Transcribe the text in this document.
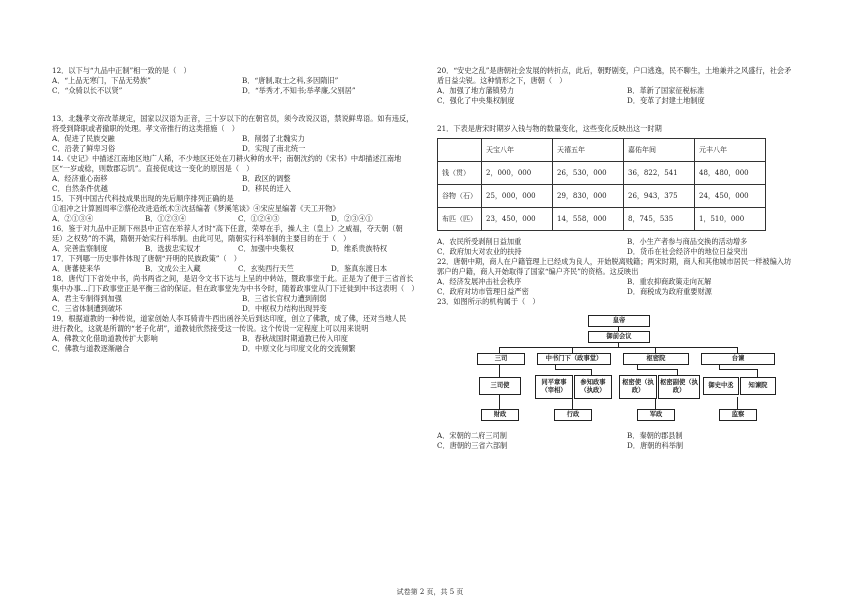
12．以下与“九品中正制”相一致的是（　）

A．“上品无寒门，下品无势族”	B．“唐制,取士之科,多因隋旧”

C．“众骑以长不以贤”	D．“举秀才,不知书;举孝廉,父别居”

13．北魏孝文帝改革规定，国家以汉语为正音，三十岁以下的在朝官员，须今改说汉语，禁说鲜卑语。如有违反，

将受到降职或者撤职的处理。孝文帝推行的这类措施（　）

A．促进了民族交融	B．削弱了北魏实力

C．沿袭了鲜卑习俗	D．实现了南北统一

14.《史记》中描述江南地区地广人稀，不少地区还处在刀耕火种的水平；南朝沈约的《宋书》中却描述江南地

区“一岁或稔，则数郡忘饥”。直接促成这一变化的原因是（　）

A．经济重心南移	B．政区的调整

C．自然条件优越	D．移民的迁入

15．下列中国古代科技成果出现的先后顺序排列正确的是

①祖冲之计算圆周率②蔡伦改进造纸术③沈括编著《梦溪笔谈》④宋应星编著《天工开物》

A．②①③④	B．①②③④	C．①②④③	D．②③④①

16．鉴于对九品中正制下州县中正官在举荐人才时“高下任意，荣辱在手，操人主（皇上）之威福，夺天朝（朝

廷）之权势”的不满，隋朝开始实行科举制。由此可见，隋朝实行科举制的主要目的在于（　）

A．完善监察制度	B．选拔忠实奴才	C．加强中央集权	D．维系贵族特权

17．下列哪一历史事件体现了唐朝“开明的民族政策”（　）

A．唐蕃使来华	B．文成公主入藏	C．玄奘西行天竺	D．鉴真东渡日本

18．唐代门下省处中书，尚书两省之间，是诏令文书下达与上呈的中转站，暨政事堂于此。正是为了便于三省首长

集中办事…门下政事堂正是平衡三省的保证。但在政事堂先为中书令时，随着政事堂从门下迁徙到中书这表明（　）

A．君主专制得到加强	B．三省长官权力遭到削弱

C．三省体制遭到破坏	D．中枢权力结构出现异变

19．根据道教的一种传说，道家创始人李耳骑青牛西出函谷关后到达印度，创立了佛教，成了佛，还对当地人民

进行教化，这就是所谓的“老子化胡”，道教徒欣然接受这一传说。这个传说一定程度上可以用来说明

A．佛教文化借助道教传扩大影响	B．春秋战国时期道教已传入印度

C．佛教与道教逐渐融合	D．中原文化与印度文化的交流频繁

20．“安史之乱”是唐朝社会发展的转折点，此后，朝野剧变，户口逃逸，民不聊生，土地兼并之风盛行，社会矛

盾日益尖锐。这种情形之下，唐朝（　）

A．加强了地方藩镇势力	B．革新了国家征税标准

C．强化了中央集权制度	D．变革了封建土地制度

21．下表是唐宋时期岁入钱与物的数量变化，这些变化反映出这一时期

	天宝八年	天禧五年	嘉佑年间	元丰八年
钱（贯）	2，000，000	26，530，000	36，822，541	48，480，000
谷物（石）	25，000，000	29，830，000	26，943，375	24，450，000
布匹（匹）	23，450，000	14，558，000	8，745，535	1，510，000

A．农民所受剥削日益加重	B．小生产者参与商品交换的活动增多

C．政府加大对农业的扶持	D．货币在社会经济中的地位日益突出

22．唐朝中期，商人在户籍管理上已经成为良人，开始脱离贱籍；两宋时期，商人和其他城市居民一样被编入坊

郭户的户籍，商人开始取得了国家“编户齐民”的资格。这反映出

A．经济发展冲击社会秩序	B．重农抑商政策走向瓦解

C．政府对坊市管理日益严密	D．商税成为政府重要财源

23．如图所示的机构属于（　）

皇帝
御前会议
三司	中书门下（政事堂）	枢密院	台谏
三司使	同平章事（宰相）
参知政事（执政）
枢密使（执政）
枢密副使（执政）
御史中丞	知谏院
财政	行政	军政	监察

A．宋朝的二府三司制	B．秦朝的郡县制

C．唐朝的三省六部制	D．唐朝的科举制

试卷第 2 页，共 5 页
